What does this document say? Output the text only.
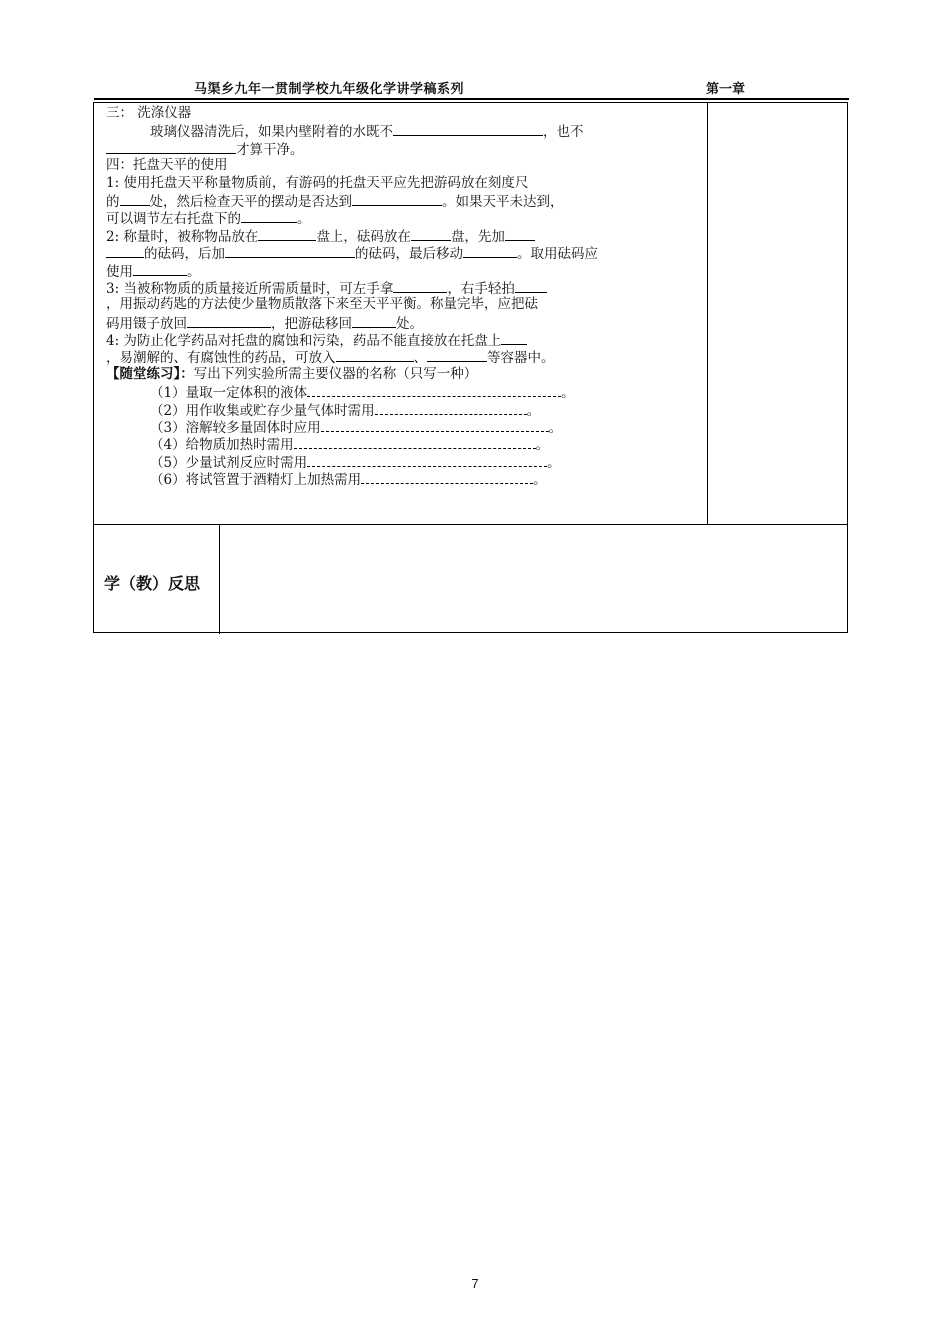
马渠乡九年一贯制学校九年级化学讲学稿系列	第一章
三： 洗涤仪器
玻璃仪器清洗后，如果内壁附着的水既不	，也不
才算干净。
四：托盘天平的使用
1: 使用托盘天平称量物质前，有游码的托盘天平应先把游码放在刻度尺
的 处，然后检查天平的摆动是否达到	。如果天平未达到，
可以调节左右托盘下的	。
2: 称量时，被称物品放在	盘上，砝码放在	盘，先加
的砝码，后加	的砝码，最后移动	。取用砝码应
使用	。
3: 当被称物质的质量接近所需质量时，可左手拿	，右手轻拍
，用振动药匙的方法使少量物质散落下来至天平平衡。称量完毕，应把砝
码用镊子放回	，把游砝移回	处。
4: 为防止化学药品对托盘的腐蚀和污染，药品不能直接放在托盘上
，易潮解的、有腐蚀性的药品，可放入	、	等容器中。
【随堂练习】：写出下列实验所需主要仪器的名称（只写一种）
（1）量取一定体积的液体	。
（2）用作收集或贮存少量气体时需用	。
（3）溶解较多量固体时应用	。
（4）给物质加热时需用	。
（5）少量试剂反应时需用	。
（6）将试管置于酒精灯上加热需用	。
学（教）反思
7
